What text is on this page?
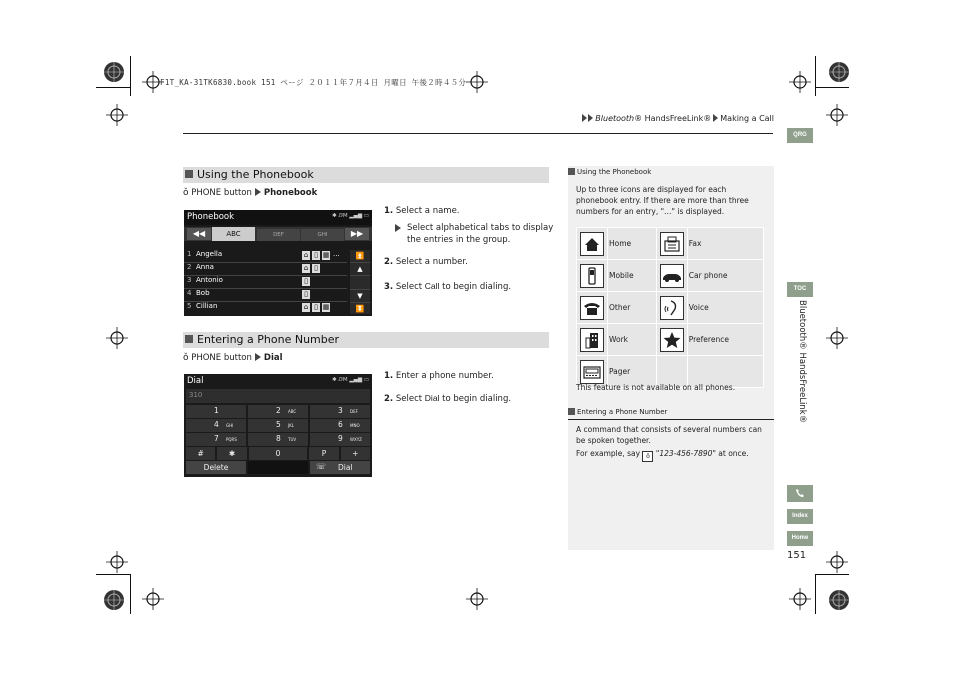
F1T_KA-31TK6830.book 151 ページ ２０１１年７月４日 月曜日 午後２時４５分
Bluetooth® HandsFreeLink® Making a Call
QRG
TOC
Bluetooth® HandsFreeLink®
Index
Home
151
Using the Phonebook
ǒ PHONE button Phonebook
Phonebook	✱ ⅅⅯ ▂▄▆ ▭
◀◀	ABC	DEF	GHI	▶▶
1 Angella	⌂ ▯ ▦ ...
2 Anna	⌂ ▯
3 Antonio	▯
4 Bob	▯
5 Cillian	⌂ ▯ ▦
⏫
▲
▼
⏬
1. Select a name.
Select alphabetical tabs to display the entries in the group.
2. Select a number.
3. Select Call to begin dialing.
Entering a Phone Number
ǒ PHONE button Dial
Dial	✱ ⅅⅯ ▂▄▆ ▭
310
1	2 ABC	3 DEF
4 GHI	5 JKL	6 MNO
7 PQRS	8 TUV	9 WXYZ
#	✱	0	P	+
Delete	☏ Dial
1. Enter a phone number.
2. Select Dial to begin dialing.
Using the Phonebook
Up to three icons are displayed for each phonebook entry. If there are more than three numbers for an entry, "…" is displayed.
	Home		Fax
	Mobile		Car phone
	Other		Voice
	Work		Preference
	Pager		
This feature is not available on all phones.
Entering a Phone Number
A command that consists of several numbers can be spoken together.
For example, say ǒ "123-456-7890" at once.
